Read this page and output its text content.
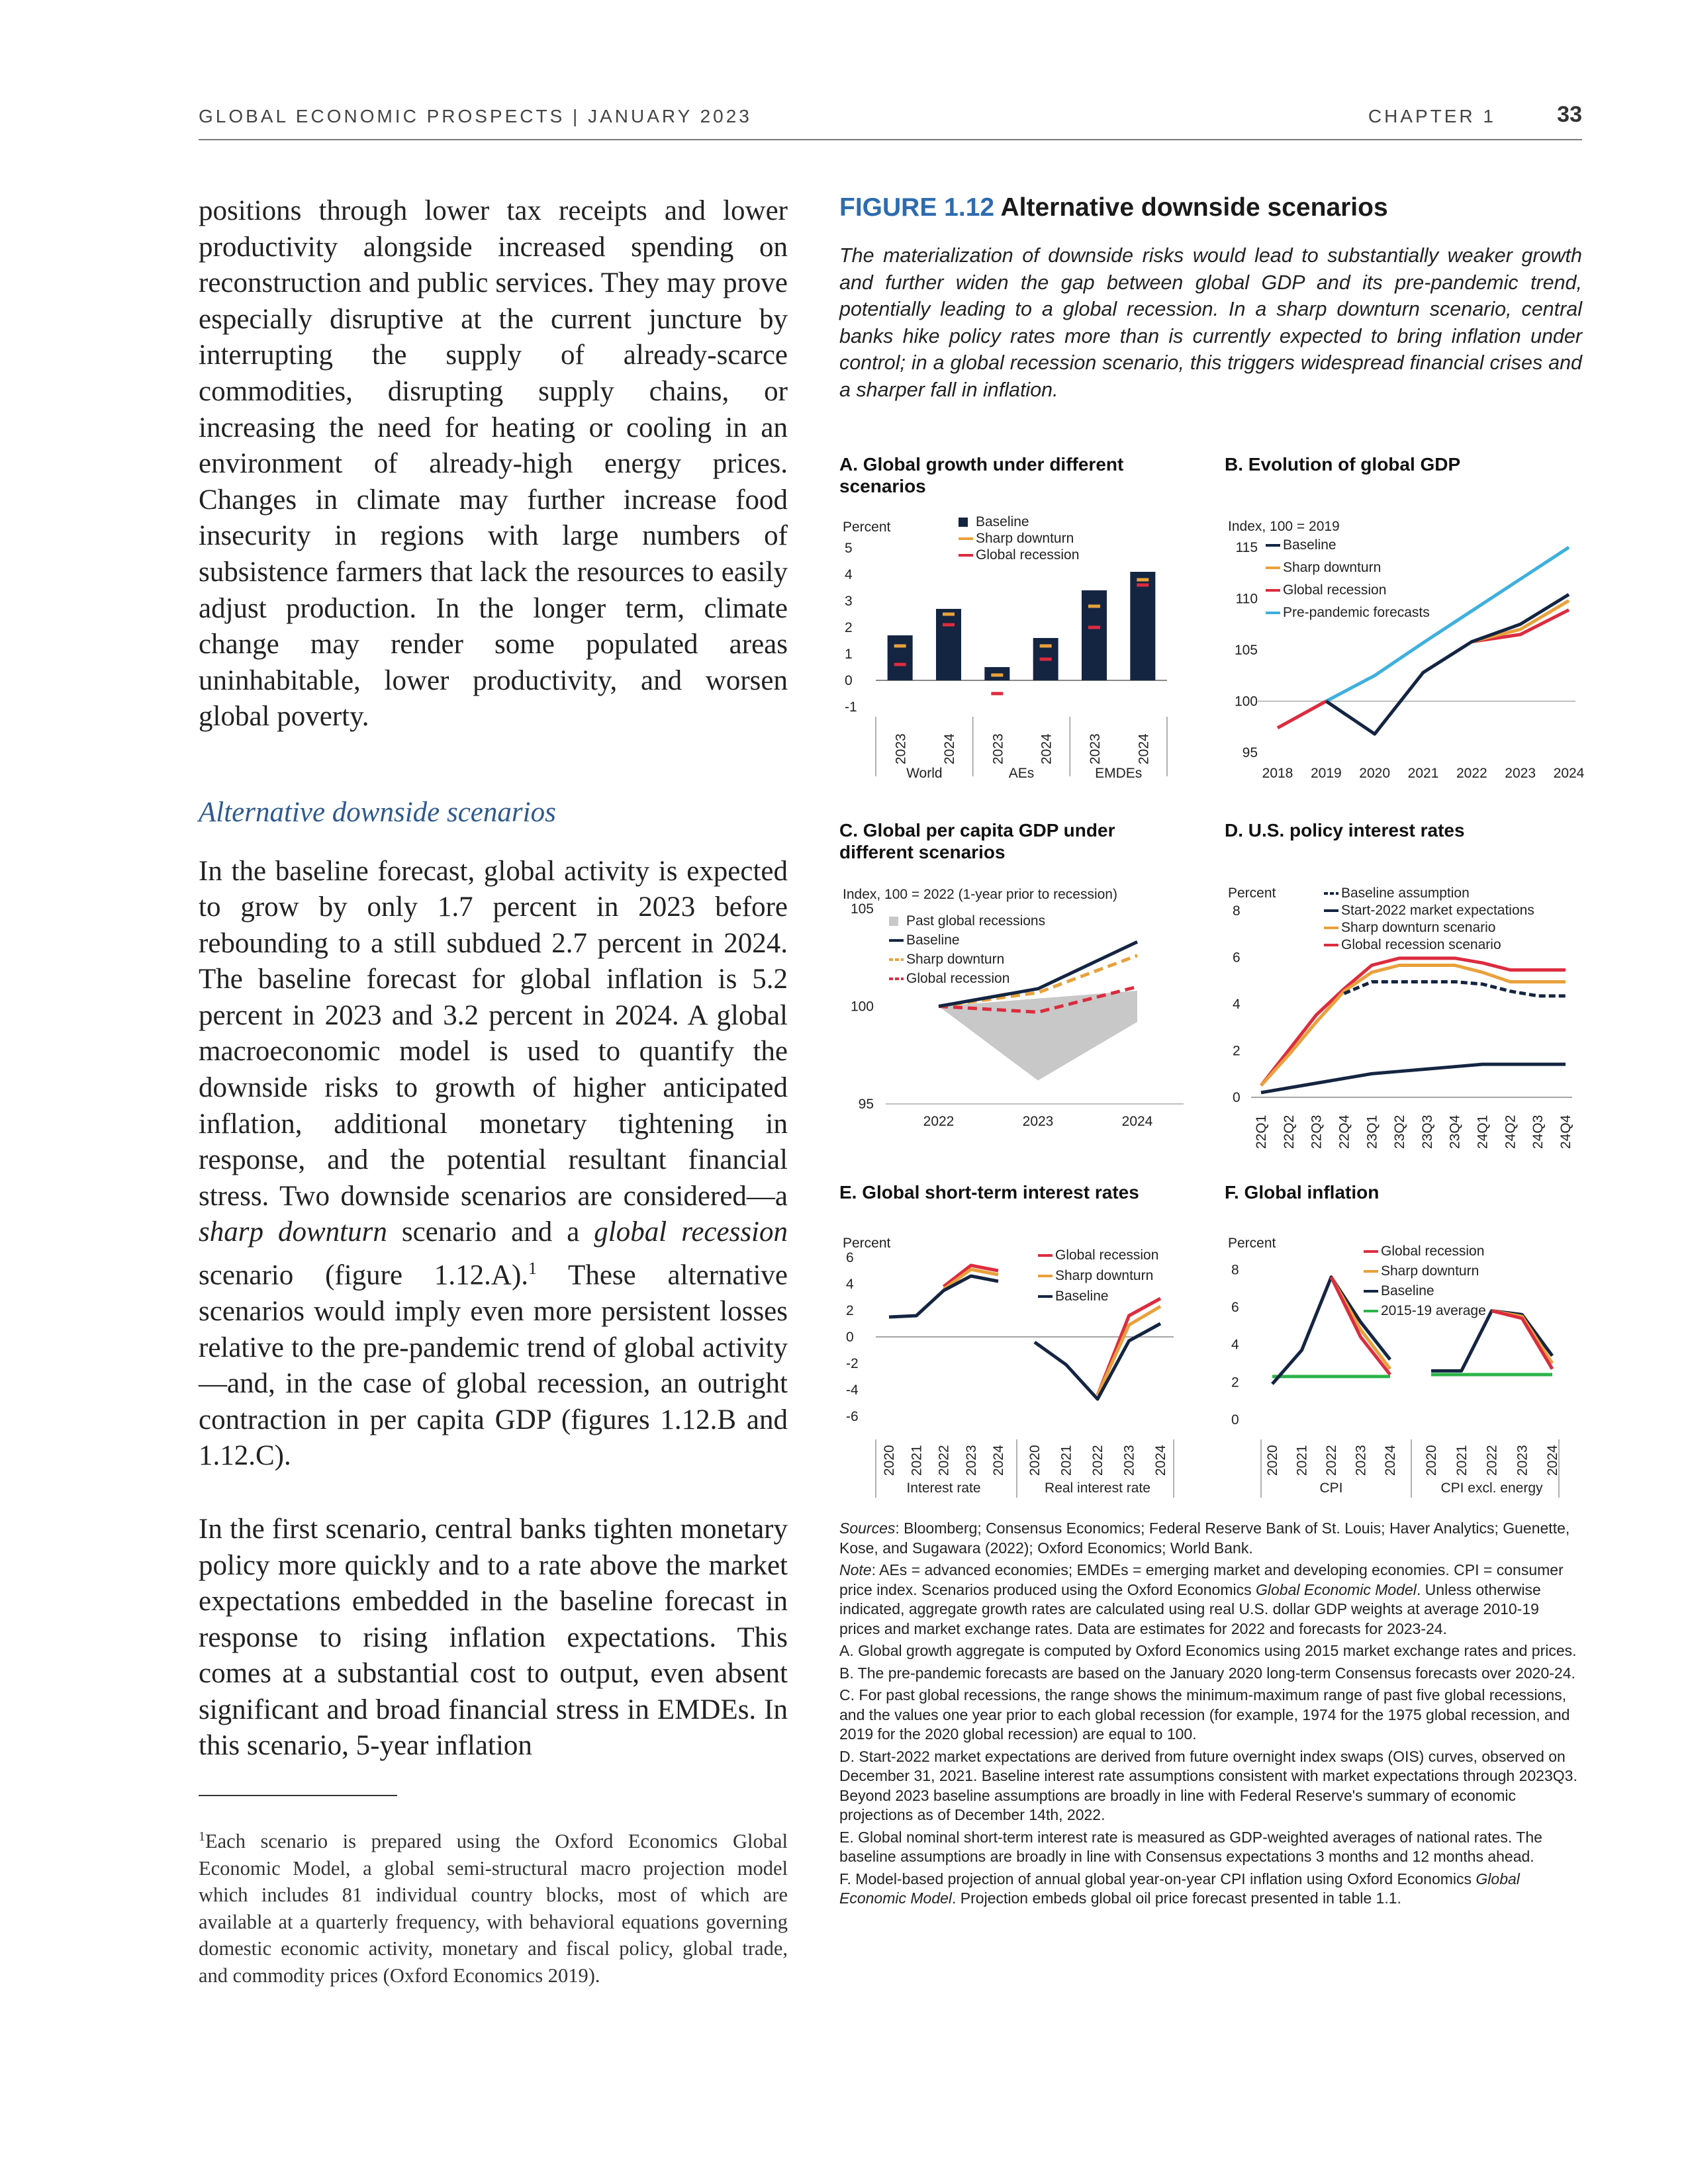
GLOBAL ECONOMIC PROSPECTS | JANUARY 2023	CHAPTER 1	33

positions through lower tax receipts and lower productivity alongside increased spending on reconstruction and public services. They may prove especially disruptive at the current juncture by interrupting the supply of already-scarce commodities, disrupting supply chains, or increasing the need for heating or cooling in an environment of already-high energy prices. Changes in climate may further increase food insecurity in regions with large numbers of subsistence farmers that lack the resources to easily adjust production. In the longer term, climate change may render some populated areas uninhabitable, lower productivity, and worsen global poverty.

Alternative downside scenarios

In the baseline forecast, global activity is expected to grow by only 1.7 percent in 2023 before rebounding to a still subdued 2.7 percent in 2024. The baseline forecast for global inflation is 5.2 percent in 2023 and 3.2 percent in 2024. A global macroeconomic model is used to quantify the downside risks to growth of higher anticipated inflation, additional monetary tightening in response, and the potential resultant financial stress. Two downside scenarios are considered—a sharp downturn scenario and a global recession scenario (figure 1.12.A).$^1$ These alternative scenarios would imply even more persistent losses relative to the pre-pandemic trend of global activity—and, in the case of global recession, an outright contraction in per capita GDP (figures 1.12.B and 1.12.C).

In the first scenario, central banks tighten monetary policy more quickly and to a rate above the market expectations embedded in the baseline forecast in response to rising inflation expectations. This comes at a substantial cost to output, even absent significant and broad financial stress in EMDEs. In this scenario, 5-year inflation

$^1$Each scenario is prepared using the Oxford Economics Global Economic Model, a global semi-structural macro projection model which includes 81 individual country blocks, most of which are available at a quarterly frequency, with behavioral equations governing domestic economic activity, monetary and fiscal policy, global trade, and commodity prices (Oxford Economics 2019).

FIGURE 1.12 Alternative downside scenarios

The materialization of downside risks would lead to substantially weaker growth and further widen the gap between global GDP and its pre-pandemic trend, potentially leading to a global recession. In a sharp downturn scenario, central banks hike policy rates more than is currently expected to bring inflation under control; in a global recession scenario, this triggers widespread financial crises and a sharper fall in inflation.
A. Global growth under different scenarios
Percent
5
4
3
2
1
0
-1
2023 2024 2023 2024 2023 2024
World	AEs	EMDEs
Baseline
Sharp downturn
Global recession
B. Evolution of global GDP
Index, 100 = 2019
115
110
105
100
95
2018 2019 2020 2021 2022 2023 2024
Baseline
Sharp downturn
Global recession
Pre-pandemic forecasts
C. Global per capita GDP under different scenarios
Index, 100 = 2022 (1-year prior to recession)
105
100
95
2022	2023	2024
Past global recessions
Baseline
Sharp downturn
Global recession
D. U.S. policy interest rates
Percent
8
6
4
2
0
22Q1 22Q2 22Q3 22Q4 23Q1 23Q2 23Q3 23Q4 24Q1 24Q2 24Q3 24Q4
Baseline assumption
Start-2022 market expectations
Sharp downturn scenario
Global recession scenario
E. Global short-term interest rates
Percent
6
4
2
0
-2
-4
-6
2020 2021 2022 2023 2024
Interest rate
2020 2021 2022 2023 2024
Real interest rate
Global recession
Sharp downturn
Baseline
F. Global inflation
Percent
8
6
4
2
0
2020 2021 2022 2023 2024
CPI
2020 2021 2022 2023 2024
CPI excl. energy
Global recession
Sharp downturn
Baseline
2015-19 average

Sources: Bloomberg; Consensus Economics; Federal Reserve Bank of St. Louis; Haver Analytics; Guenette, Kose, and Sugawara (2022); Oxford Economics; World Bank.

Note: AEs = advanced economies; EMDEs = emerging market and developing economies. CPI = consumer price index. Scenarios produced using the Oxford Economics Global Economic Model. Unless otherwise indicated, aggregate growth rates are calculated using real U.S. dollar GDP weights at average 2010-19 prices and market exchange rates. Data are estimates for 2022 and forecasts for 2023-24.

A. Global growth aggregate is computed by Oxford Economics using 2015 market exchange rates and prices.

B. The pre-pandemic forecasts are based on the January 2020 long-term Consensus forecasts over 2020-24.

C. For past global recessions, the range shows the minimum-maximum range of past five global recessions, and the values one year prior to each global recession (for example, 1974 for the 1975 global recession, and 2019 for the 2020 global recession) are equal to 100.

D. Start-2022 market expectations are derived from future overnight index swaps (OIS) curves, observed on December 31, 2021. Baseline interest rate assumptions consistent with market expectations through 2023Q3. Beyond 2023 baseline assumptions are broadly in line with Federal Reserve's summary of economic projections as of December 14th, 2022.

E. Global nominal short-term interest rate is measured as GDP-weighted averages of national rates. The baseline assumptions are broadly in line with Consensus expectations 3 months and 12 months ahead.

F. Model-based projection of annual global year-on-year CPI inflation using Oxford Economics Global Economic Model. Projection embeds global oil price forecast presented in table 1.1.
